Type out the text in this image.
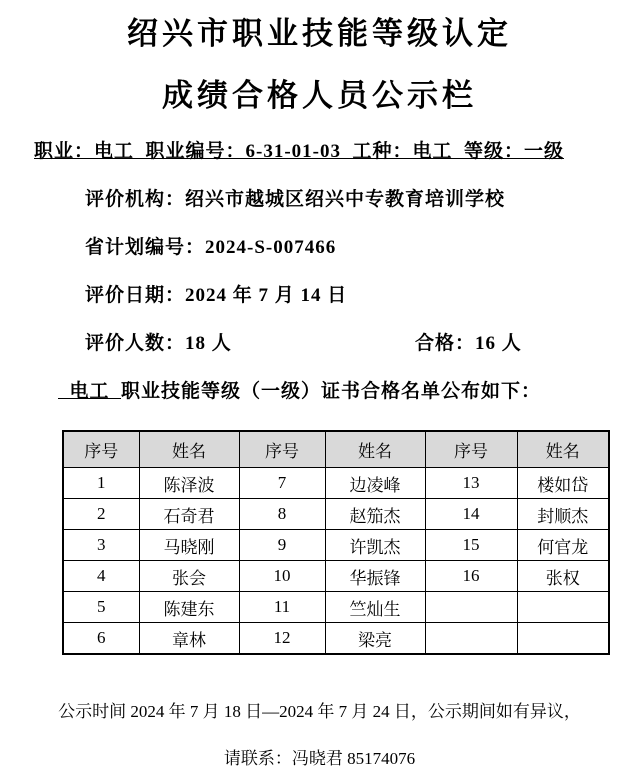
绍兴市职业技能等级认定
成绩合格人员公示栏
职业：电工  职业编号：6-31-01-03  工种：电工  等级：一级
评价机构：绍兴市越城区绍兴中专教育培训学校
省计划编号：2024-S-007466
评价日期：2024 年 7 月 14 日
评价人数：18 人	合格：16 人
电工  职业技能等级（一级）证书合格名单公布如下：
序号	姓名	序号	姓名	序号	姓名
1	陈泽波	7	边凌峰	13	楼如岱
2	石奇君	8	赵笳杰	14	封顺杰
3	马晓刚	9	许凯杰	15	何官龙
4	张会	10	华振锋	16	张权
5	陈建东	11	竺灿生		
6	章林	12	梁亮		
公示时间 2024 年 7 月 18 日—2024 年 7 月 24 日，公示期间如有异议，
请联系：冯晓君 85174076
